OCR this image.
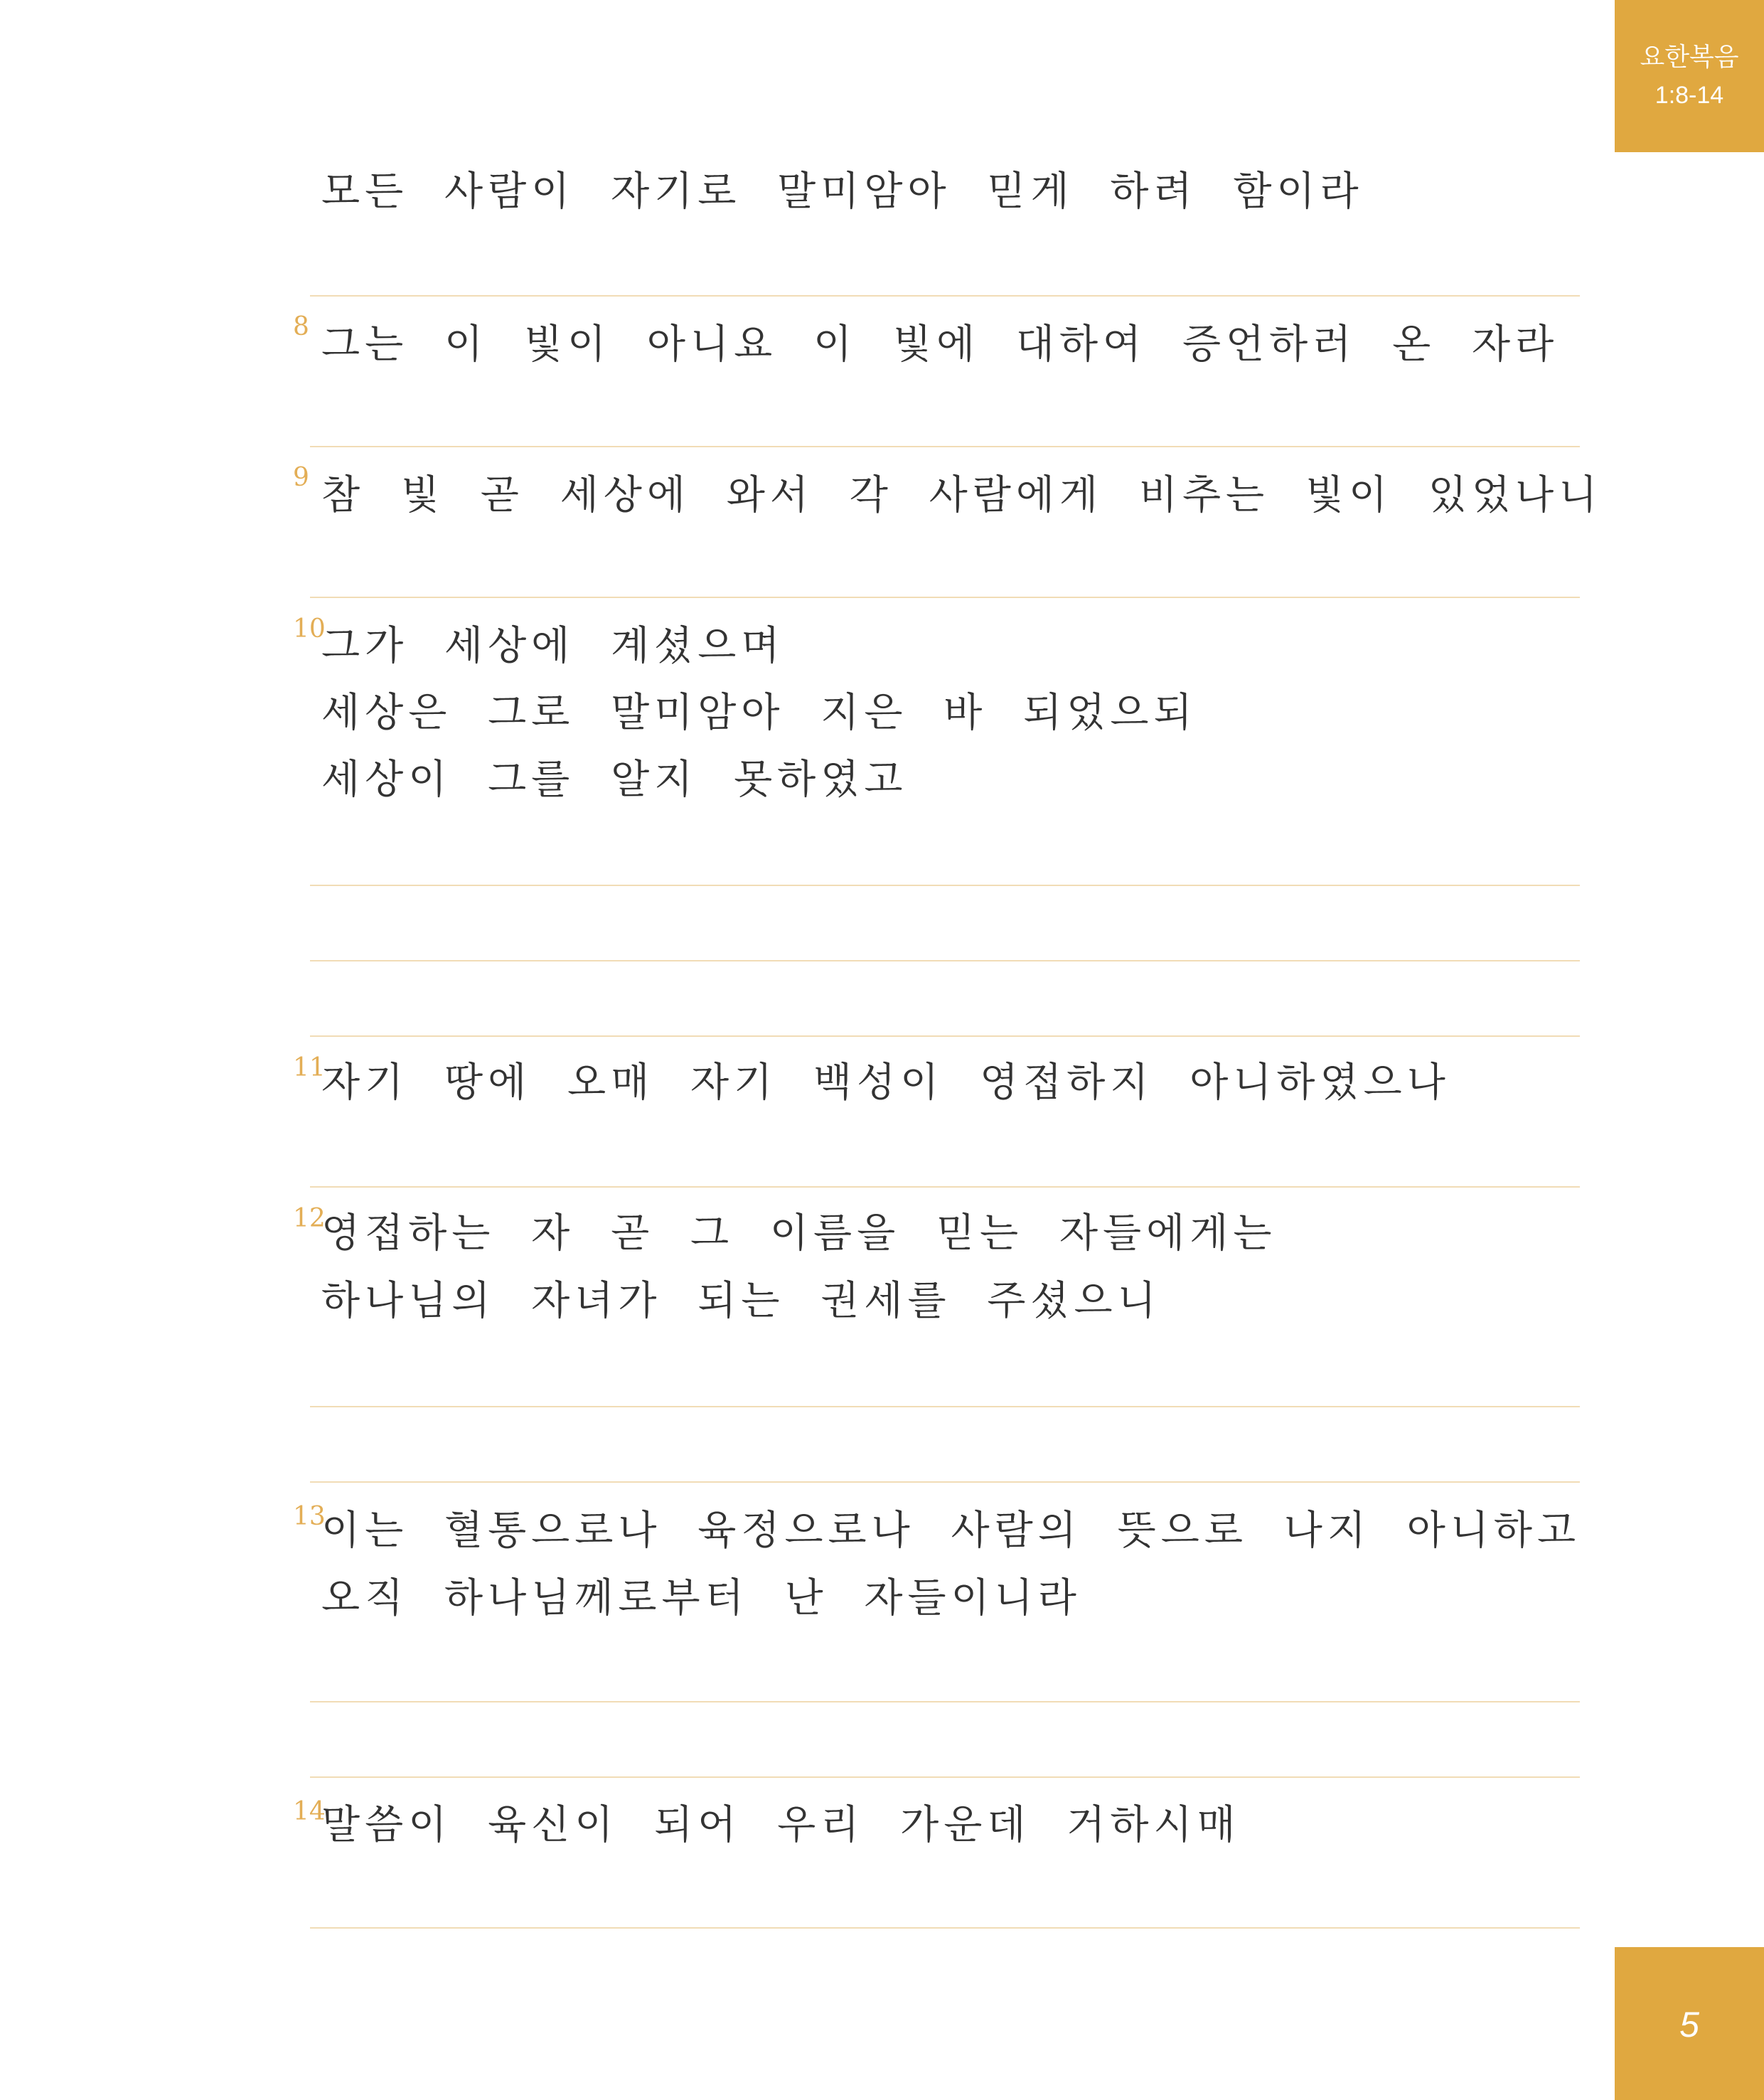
요한복음
1:8-14
모든 사람이 자기로 말미암아 믿게 하려 함이라
8 그는 이 빛이 아니요 이 빛에 대하여 증언하러 온 자라
9 참 빛 곧 세상에 와서 각 사람에게 비추는 빛이 있었나니
10
그가 세상에 계셨으며
세상은 그로 말미암아 지은 바 되었으되
세상이 그를 알지 못하였고
11
자기 땅에 오매 자기 백성이 영접하지 아니하였으나
12
영접하는 자 곧 그 이름을 믿는 자들에게는
하나님의 자녀가 되는 권세를 주셨으니
13
이는 혈통으로나 육정으로나 사람의 뜻으로 나지 아니하고
오직 하나님께로부터 난 자들이니라
14
말씀이 육신이 되어 우리 가운데 거하시매
5
